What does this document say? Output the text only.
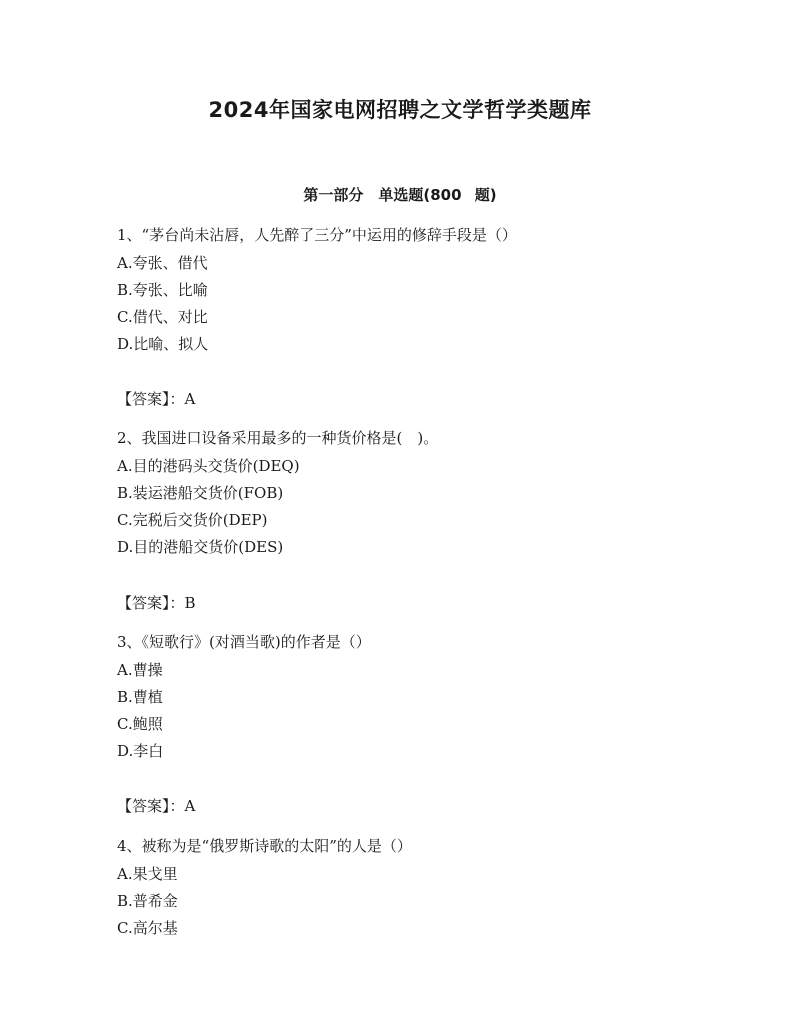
2024年国家电网招聘之文学哲学类题库
第一部分　单选题(800 题)
1、“茅台尚未沾唇，人先醉了三分”中运用的修辞手段是（）
A.夸张、借代
B.夸张、比喻
C.借代、对比
D.比喻、拟人
【答案】：A
2、我国进口设备采用最多的一种货价格是(　)。
A.目的港码头交货价(DEQ)
B.装运港船交货价(FOB)
C.完税后交货价(DEP)
D.目的港船交货价(DES)
【答案】：B
3、《短歌行》(对酒当歌)的作者是（）
A.曹操
B.曹植
C.鲍照
D.李白
【答案】：A
4、被称为是“俄罗斯诗歌的太阳”的人是（）
A.果戈里
B.普希金
C.高尔基
